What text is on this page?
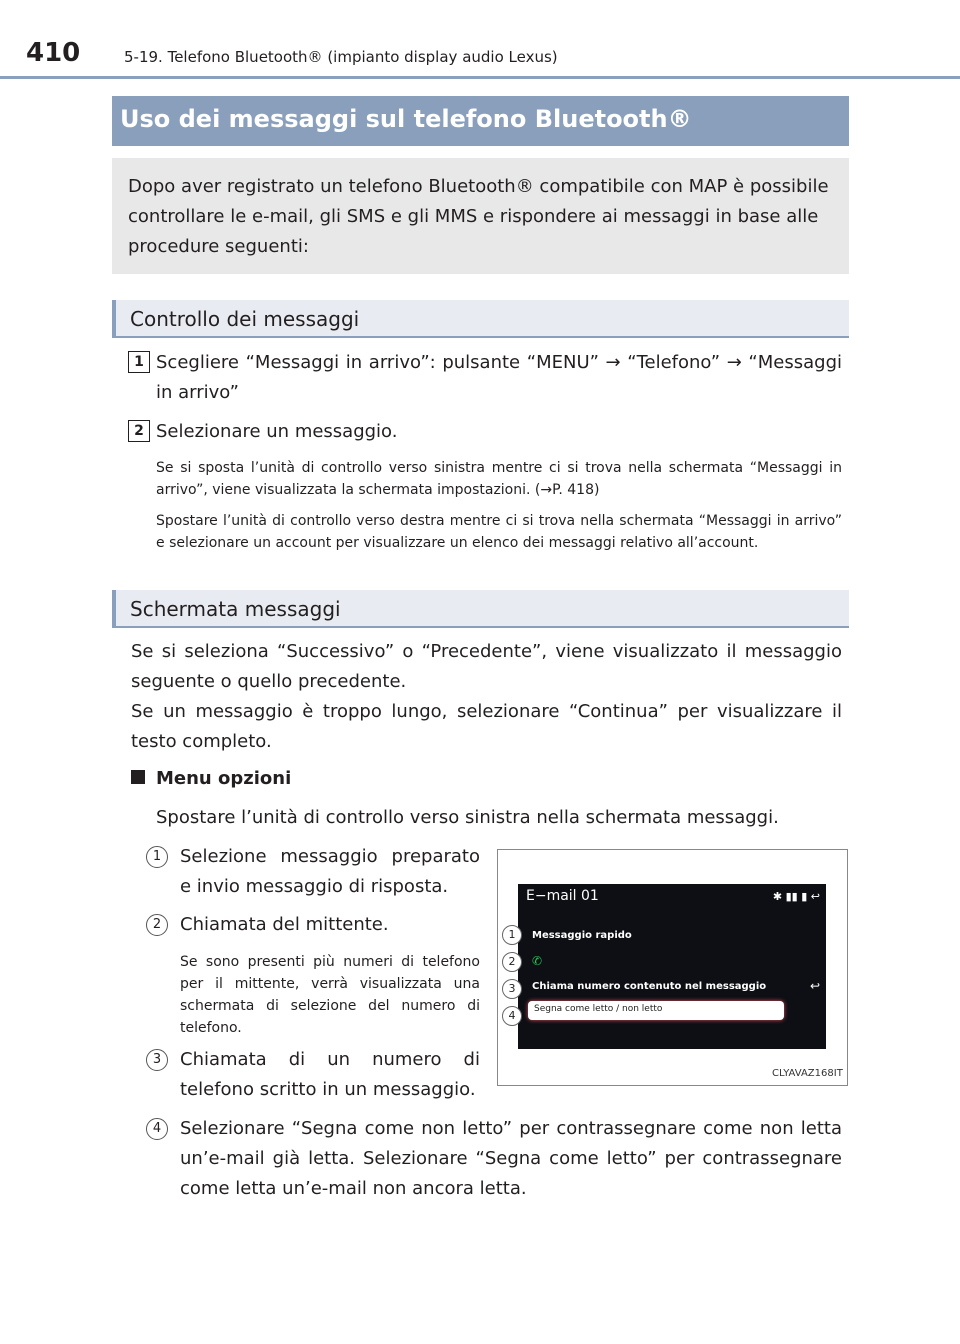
410	5-19. Telefono Bluetooth® (impianto display audio Lexus)
Uso dei messaggi sul telefono Bluetooth®
Dopo aver registrato un telefono Bluetooth® compatibile con MAP è possibile controllare le e-mail, gli SMS e gli MMS e rispondere ai messaggi in base alle procedure seguenti:
Controllo dei messaggi
1 Scegliere “Messaggi in arrivo”: pulsante “MENU” → “Telefono” → “Messaggi in arrivo”
2 Selezionare un messaggio.
Se si sposta l’unità di controllo verso sinistra mentre ci si trova nella schermata “Messaggi in arrivo”, viene visualizzata la schermata impostazioni. (→P. 418)
Spostare l’unità di controllo verso destra mentre ci si trova nella schermata “Messaggi in arrivo” e selezionare un account per visualizzare un elenco dei messaggi relativo all’account.
Schermata messaggi
Se si seleziona “Successivo” o “Precedente”, viene visualizzato il messaggio seguente o quello precedente.
Se un messaggio è troppo lungo, selezionare “Continua” per visualizzare il testo completo.
Menu opzioni
Spostare l’unità di controllo verso sinistra nella schermata messaggi.
1	Selezione messaggio preparato e invio messaggio di risposta.
2	Chiamata del mittente.
Se sono presenti più numeri di telefono per il mittente, verrà visualizzata una schermata di selezione del numero di telefono.
3	Chiamata di un numero di telefono scritto in un messaggio.
4	Selezionare “Segna come non letto” per contrassegnare come non letta un’e-mail già letta. Selezionare “Segna come letto” per contrassegnare come letta un’e-mail non ancora letta.
E−mail 01	✱ ▮▮ ▮ ↩
Messaggio rapido
✆
Chiama numero contenuto nel messaggio	↩
Segna come letto / non letto
1
2
3
4
CLYAVAZ168IT
